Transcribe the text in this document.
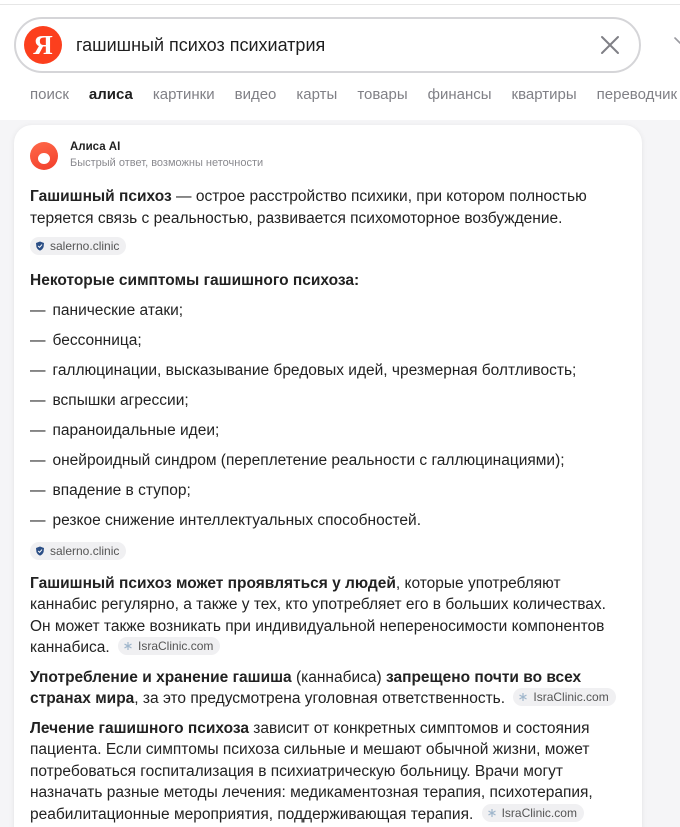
Я	гашишный психоз психиатрия
поиск алиса картинки видео карты товары финансы квартиры переводчик
Алиса AI
Быстрый ответ, возможны неточности
Гашишный психоз — острое расстройство психики, при котором полностью теряется связь с реальностью, развивается психомоторное возбуждение.
salerno.clinic
Некоторые симптомы гашишного психоза:
— панические атаки;
— бессонница;
— галлюцинации, высказывание бредовых идей, чрезмерная болтливость;
— вспышки агрессии;
— параноидальные идеи;
— онейроидный синдром (переплетение реальности с галлюцинациями);
— впадение в ступор;
— резкое снижение интеллектуальных способностей.
salerno.clinic
Гашишный психоз может проявляться у людей, которые употребляют каннабис регулярно, а также у тех, кто употребляет его в больших количествах. Он может также возникать при индивидуальной непереносимости компонентов каннабиса. IsraClinic.com
Употребление и хранение гашиша (каннабиса) запрещено почти во всех странах мира, за это предусмотрена уголовная ответственность. IsraClinic.com
Лечение гашишного психоза зависит от конкретных симптомов и состояния пациента. Если симптомы психоза сильные и мешают обычной жизни, может потребоваться госпитализация в психиатрическую больницу. Врачи могут назначать разные методы лечения: медикаментозная терапия, психотерапия, реабилитационные мероприятия, поддерживающая терапия. IsraClinic.com
